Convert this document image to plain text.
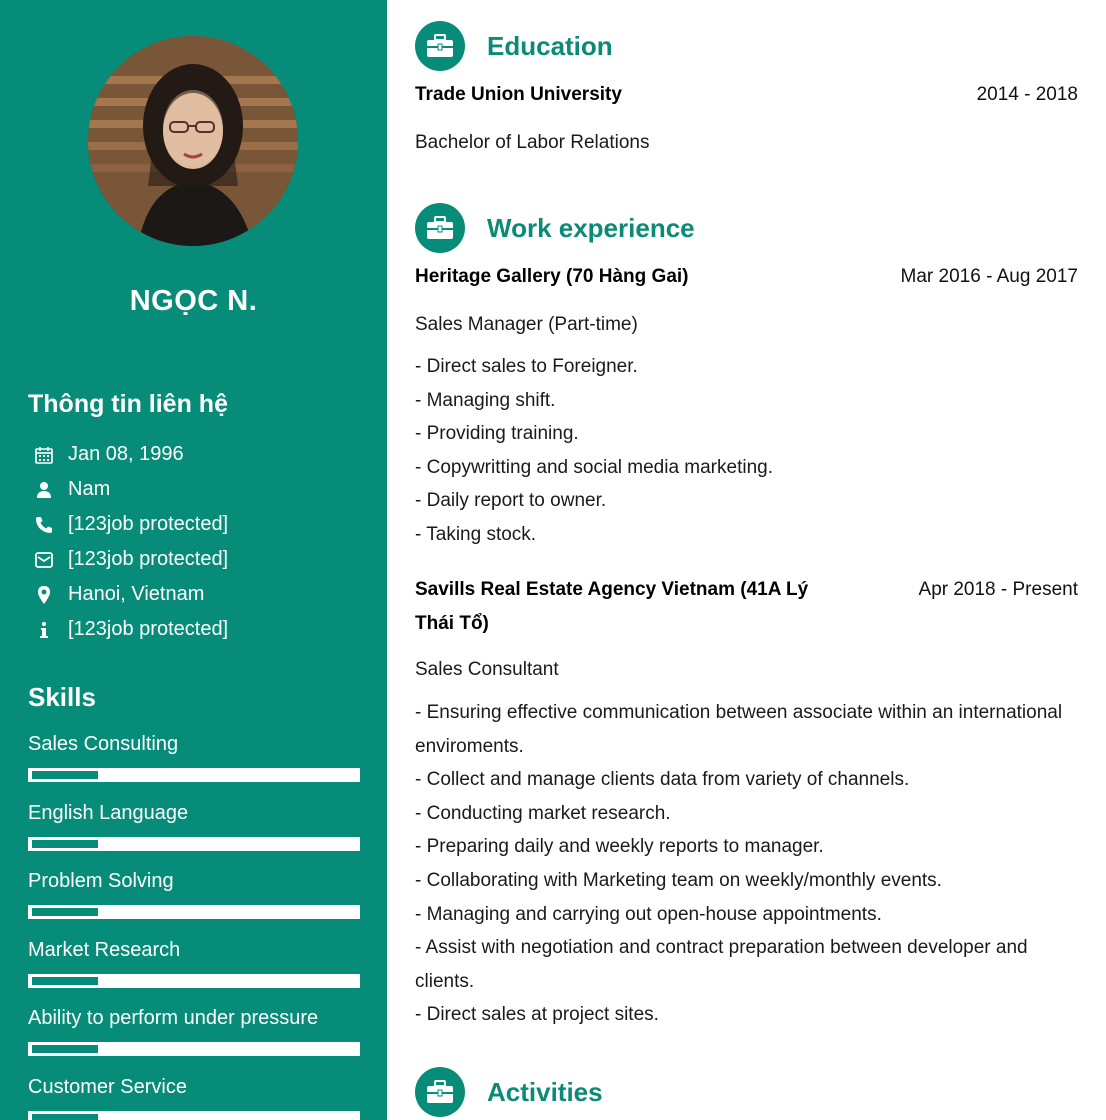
NGỌC N.
Thông tin liên hệ
Jan 08, 1996
Nam
[123job protected]
[123job protected]
Hanoi, Vietnam
[123job protected]
Skills
Sales Consulting
English Language
Problem Solving
Market Research
Ability to perform under pressure
Customer Service
Education
Trade Union University	2014 - 2018
Bachelor of Labor Relations
Work experience
Heritage Gallery (70 Hàng Gai)	Mar 2016 - Aug 2017
Sales Manager (Part-time)
- Direct sales to Foreigner.
- Managing shift.
- Providing training.
- Copywritting and social media marketing.
- Daily report to owner.
- Taking stock.
Savills Real Estate Agency Vietnam (41A Lý Thái Tổ)
Apr 2018 - Present
Sales Consultant
- Ensuring effective communication between associate within an international enviroments.
- Collect and manage clients data from variety of channels.
- Conducting market research.
- Preparing daily and weekly reports to manager.
- Collaborating with Marketing team on weekly/monthly events.
- Managing and carrying out open-house appointments.
- Assist with negotiation and contract preparation between developer and clients.
- Direct sales at project sites.
Activities
